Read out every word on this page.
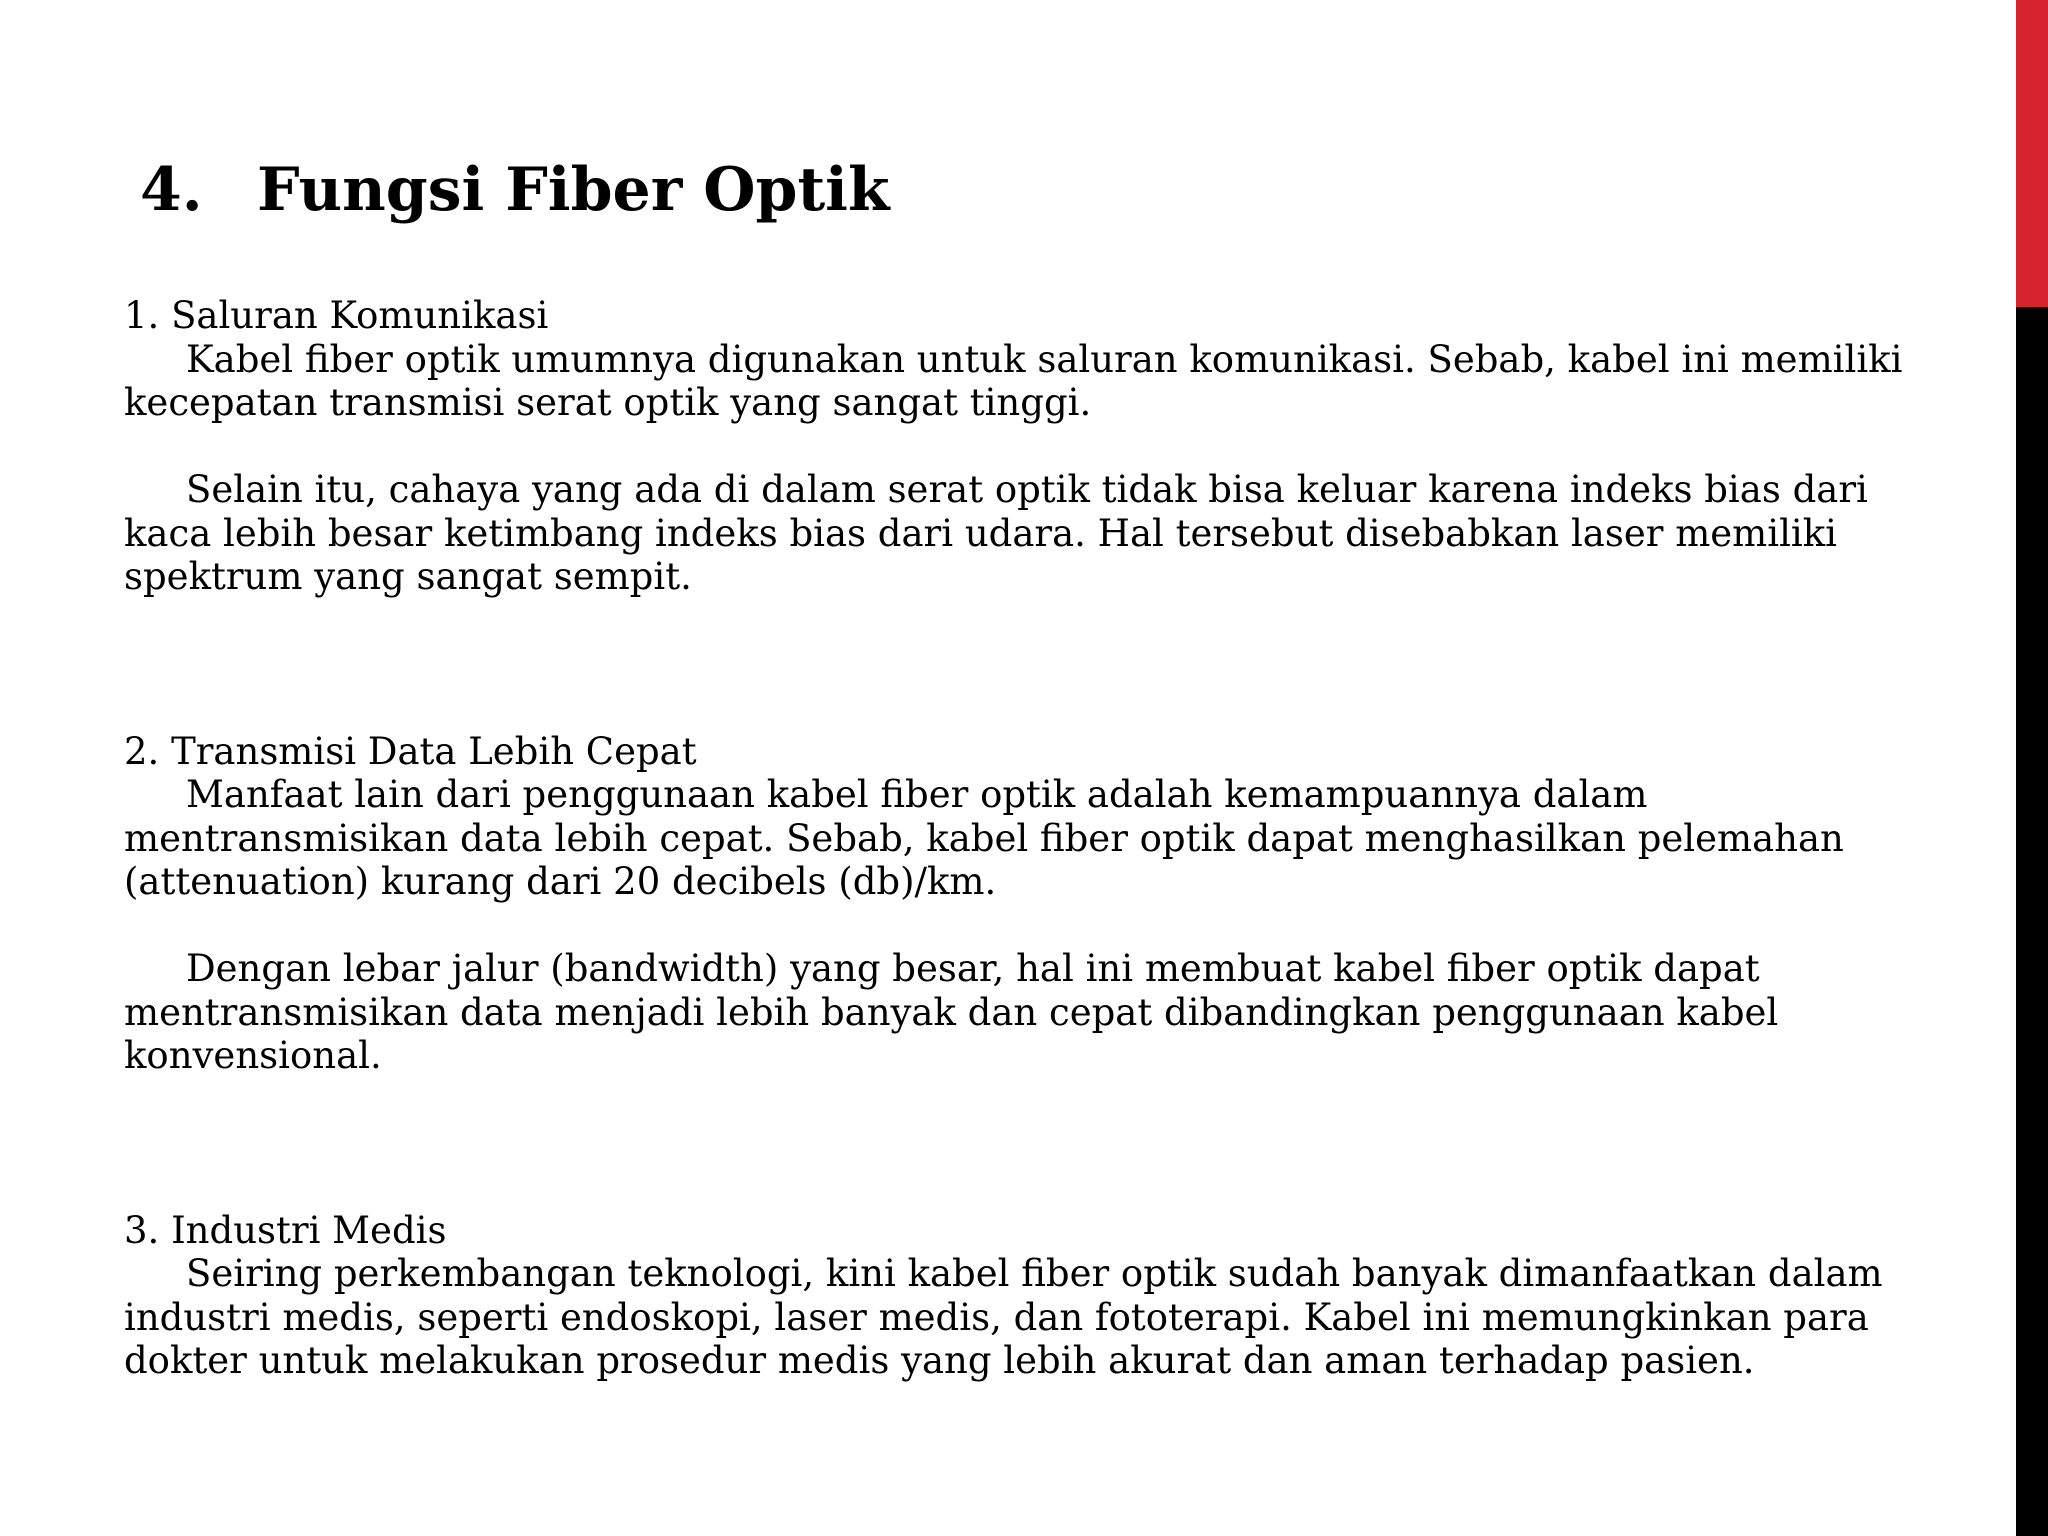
4. Fungsi Fiber Optik

1. Saluran Komunikasi

Kabel fiber optik umumnya digunakan untuk saluran komunikasi. Sebab, kabel ini memiliki kecepatan transmisi serat optik yang sangat tinggi.

Selain itu, cahaya yang ada di dalam serat optik tidak bisa keluar karena indeks bias dari kaca lebih besar ketimbang indeks bias dari udara. Hal tersebut disebabkan laser memiliki spektrum yang sangat sempit.

2. Transmisi Data Lebih Cepat

Manfaat lain dari penggunaan kabel fiber optik adalah kemampuannya dalam mentransmisikan data lebih cepat. Sebab, kabel fiber optik dapat menghasilkan pelemahan (attenuation) kurang dari 20 decibels (db)/km.

Dengan lebar jalur (bandwidth) yang besar, hal ini membuat kabel fiber optik dapat mentransmisikan data menjadi lebih banyak dan cepat dibandingkan penggunaan kabel konvensional.

3. Industri Medis

Seiring perkembangan teknologi, kini kabel fiber optik sudah banyak dimanfaatkan dalam industri medis, seperti endoskopi, laser medis, dan fototerapi. Kabel ini memungkinkan para dokter untuk melakukan prosedur medis yang lebih akurat dan aman terhadap pasien.
